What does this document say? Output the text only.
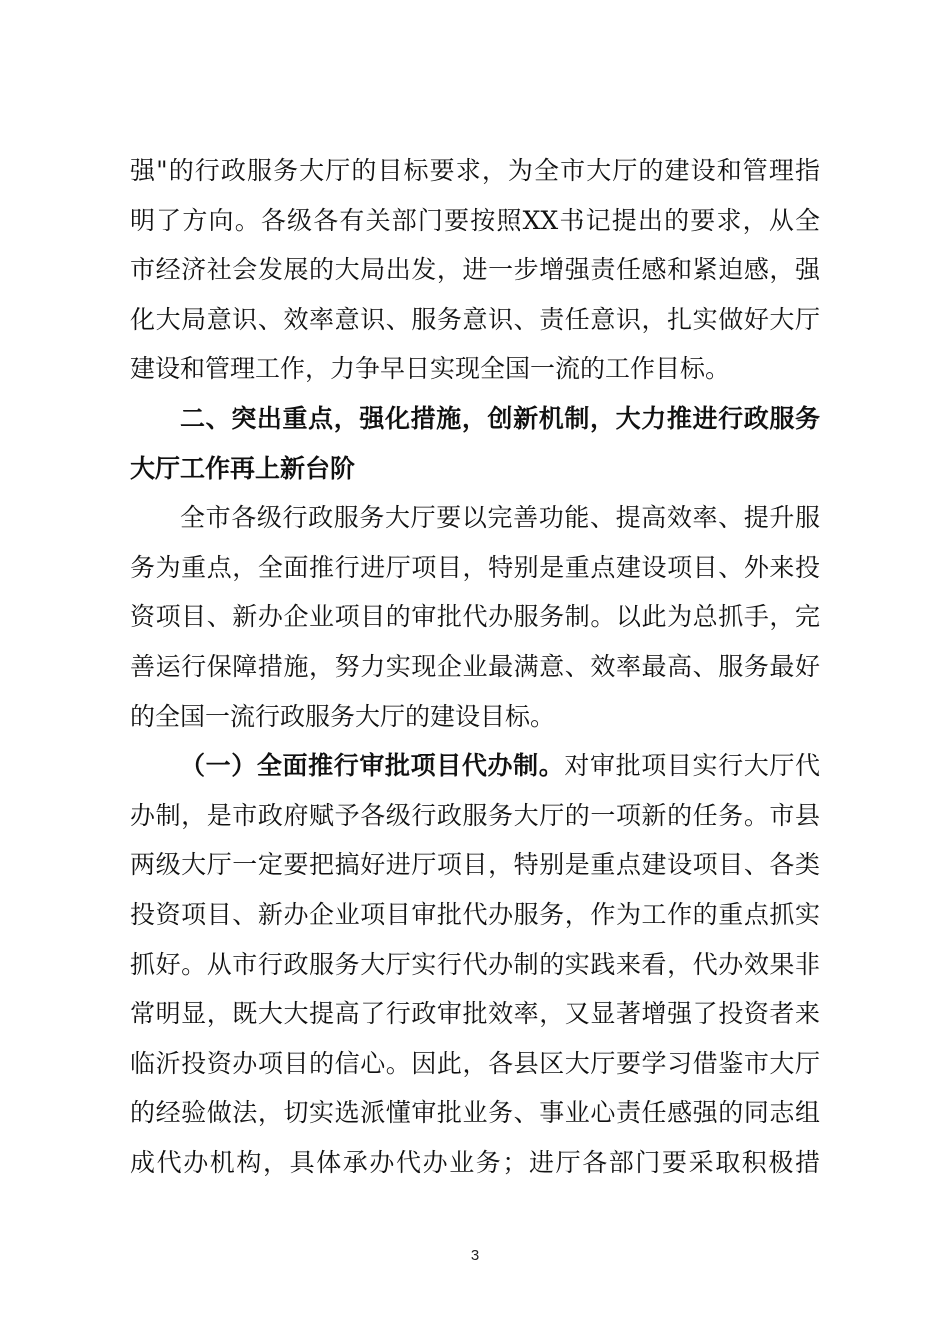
强"的行政服务大厅的目标要求，为全市大厅的建设和管理指
明了方向。各级各有关部门要按照XX书记提出的要求，从全
市经济社会发展的大局出发，进一步增强责任感和紧迫感，强
化大局意识、效率意识、服务意识、责任意识，扎实做好大厅
建设和管理工作，力争早日实现全国一流的工作目标。
二、突出重点，强化措施，创新机制，大力推进行政服务
大厅工作再上新台阶
全市各级行政服务大厅要以完善功能、提高效率、提升服
务为重点，全面推行进厅项目，特别是重点建设项目、外来投
资项目、新办企业项目的审批代办服务制。以此为总抓手，完
善运行保障措施，努力实现企业最满意、效率最高、服务最好
的全国一流行政服务大厅的建设目标。
（一）全面推行审批项目代办制。对审批项目实行大厅代
办制，是市政府赋予各级行政服务大厅的一项新的任务。市县
两级大厅一定要把搞好进厅项目，特别是重点建设项目、各类
投资项目、新办企业项目审批代办服务，作为工作的重点抓实
抓好。从市行政服务大厅实行代办制的实践来看，代办效果非
常明显，既大大提高了行政审批效率，又显著增强了投资者来
临沂投资办项目的信心。因此，各县区大厅要学习借鉴市大厅
的经验做法，切实选派懂审批业务、事业心责任感强的同志组
成代办机构，具体承办代办业务；进厅各部门要采取积极措
3
